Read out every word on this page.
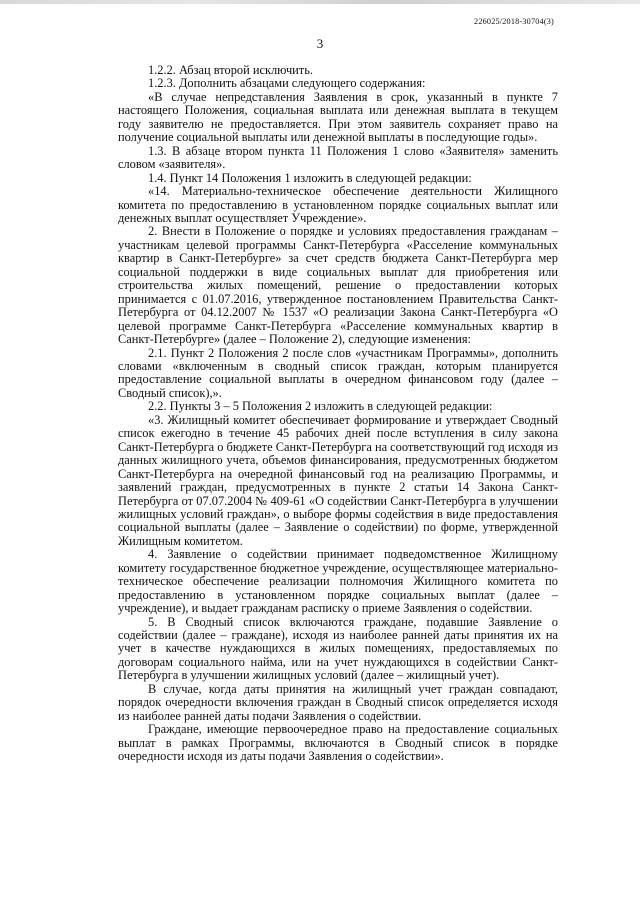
226025/2018-30704(3)
3

1.2.2. Абзац второй исключить.

1.2.3. Дополнить абзацами следующего содержания:

«В случае непредставления Заявления в срок, указанный в пункте 7 настоящего Положения, социальная выплата или денежная выплата в текущем году заявителю не предоставляется. При этом заявитель сохраняет право на получение социальной выплаты или денежной выплаты в последующие годы».

1.3. В абзаце втором пункта 11 Положения 1 слово «Заявителя» заменить словом «заявителя».

1.4. Пункт 14 Положения 1 изложить в следующей редакции:

«14. Материально-техническое обеспечение деятельности Жилищного комитета по предоставлению в установленном порядке социальных выплат или денежных выплат осуществляет Учреждение».

2. Внести в Положение о порядке и условиях предоставления гражданам – участникам целевой программы Санкт-Петербурга «Расселение коммунальных квартир в Санкт-Петербурге» за счет средств бюджета Санкт-Петербурга мер социальной поддержки в виде социальных выплат для приобретения или строительства жилых помещений, решение о предоставлении которых принимается с 01.07.2016, утвержденное постановлением Правительства Санкт-Петербурга от 04.12.2007 № 1537 «О реализации Закона Санкт-Петербурга «О целевой программе Санкт-Петербурга «Расселение коммунальных квартир в Санкт-Петербурге» (далее – Положение 2), следующие изменения:

2.1. Пункт 2 Положения 2 после слов «участникам Программы», дополнить словами «включенным в сводный список граждан, которым планируется предоставление социальной выплаты в очередном финансовом году (далее – Сводный список),».

2.2. Пункты 3 – 5 Положения 2 изложить в следующей редакции:

«3. Жилищный комитет обеспечивает формирование и утверждает Сводный список ежегодно в течение 45 рабочих дней после вступления в силу закона Санкт-Петербурга о бюджете Санкт-Петербурга на соответствующий год исходя из данных жилищного учета, объемов финансирования, предусмотренных бюджетом Санкт-Петербурга на очередной финансовый год на реализацию Программы, и заявлений граждан, предусмотренных в пункте 2 статьи 14 Закона Санкт-Петербурга от 07.07.2004 № 409-61 «О содействии Санкт-Петербурга в улучшении жилищных условий граждан», о выборе формы содействия в виде предоставления социальной выплаты (далее – Заявление о содействии) по форме, утвержденной Жилищным комитетом.

4. Заявление о содействии принимает подведомственное Жилищному комитету государственное бюджетное учреждение, осуществляющее материально-техническое обеспечение реализации полномочия Жилищного комитета по предоставлению в установленном порядке социальных выплат (далее – учреждение), и выдает гражданам расписку о приеме Заявления о содействии.

5. В Сводный список включаются граждане, подавшие Заявление о содействии (далее – граждане), исходя из наиболее ранней даты принятия их на учет в качестве нуждающихся в жилых помещениях, предоставляемых по договорам социального найма, или на учет нуждающихся в содействии Санкт-Петербурга в улучшении жилищных условий (далее – жилищный учет).

В случае, когда даты принятия на жилищный учет граждан совпадают, порядок очередности включения граждан в Сводный список определяется исходя из наиболее ранней даты подачи Заявления о содействии.

Граждане, имеющие первоочередное право на предоставление социальных выплат в рамках Программы, включаются в Сводный список в порядке очередности исходя из даты подачи Заявления о содействии».
